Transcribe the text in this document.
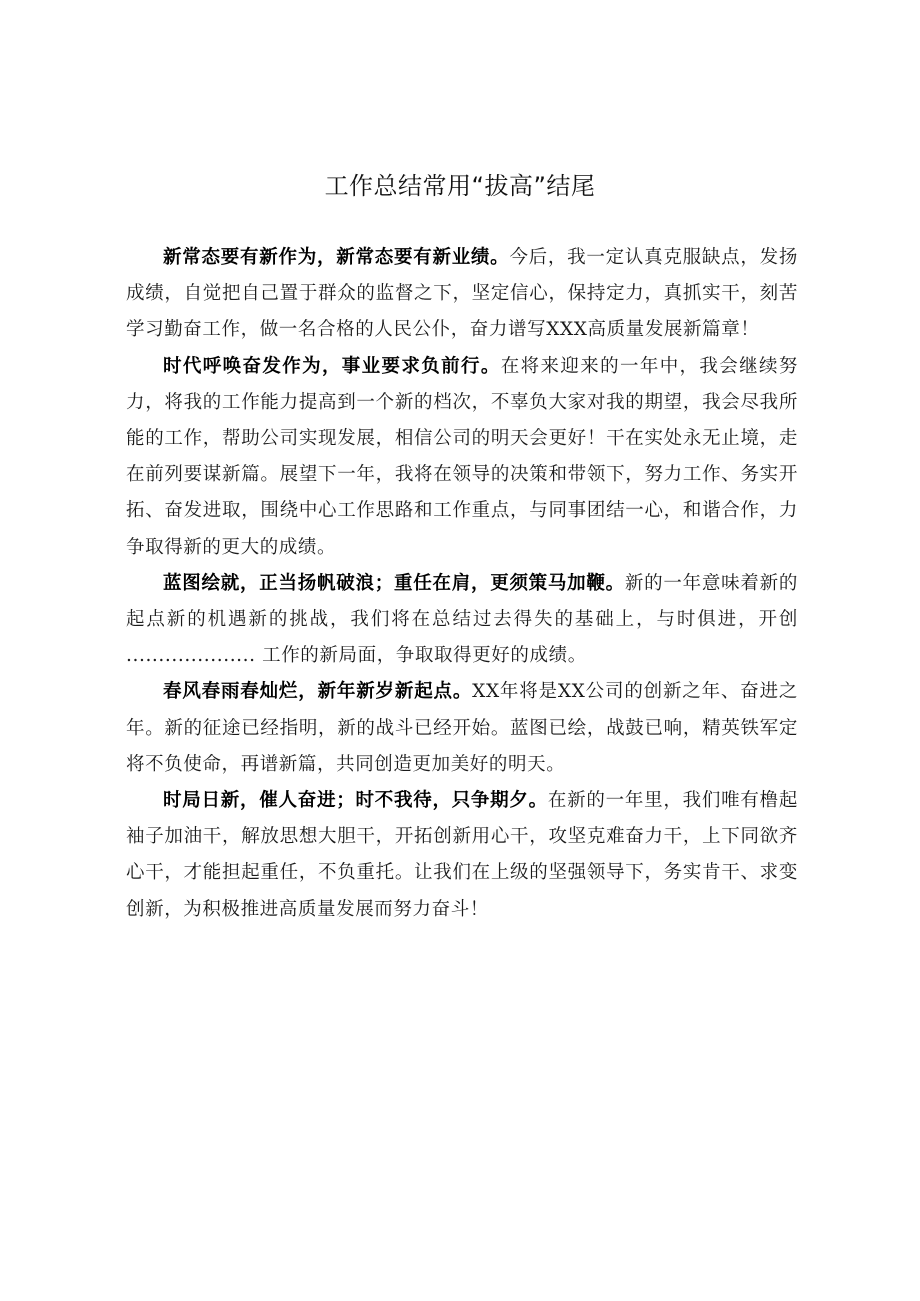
工作总结常用“拔高”结尾

新常态要有新作为，新常态要有新业绩。今后，我一定认真克服缺点，发扬成绩，自觉把自己置于群众的监督之下，坚定信心，保持定力，真抓实干，刻苦学习勤奋工作，做一名合格的人民公仆，奋力谱写XXX高质量发展新篇章！

时代呼唤奋发作为，事业要求负前行。在将来迎来的一年中，我会继续努力，将我的工作能力提高到一个新的档次，不辜负大家对我的期望，我会尽我所能的工作，帮助公司实现发展，相信公司的明天会更好！干在实处永无止境，走在前列要谋新篇。展望下一年，我将在领导的决策和带领下，努力工作、务实开拓、奋发进取，围绕中心工作思路和工作重点，与同事团结一心，和谐合作，力争取得新的更大的成绩。

蓝图绘就，正当扬帆破浪；重任在肩，更须策马加鞭。新的一年意味着新的起点新的机遇新的挑战，我们将在总结过去得失的基础上，与时俱进，开创 .................... 工作的新局面，争取取得更好的成绩。

春风春雨春灿烂，新年新岁新起点。XX年将是XX公司的创新之年、奋进之年。新的征途已经指明，新的战斗已经开始。蓝图已绘，战鼓已响，精英铁军定将不负使命，再谱新篇，共同创造更加美好的明天。

时局日新，催人奋进；时不我待，只争期夕。在新的一年里，我们唯有橹起袖子加油干，解放思想大胆干，开拓创新用心干，攻坚克难奋力干，上下同欲齐心干，才能担起重任，不负重托。让我们在上级的坚强领导下，务实肯干、求变创新，为积极推进高质量发展而努力奋斗！
